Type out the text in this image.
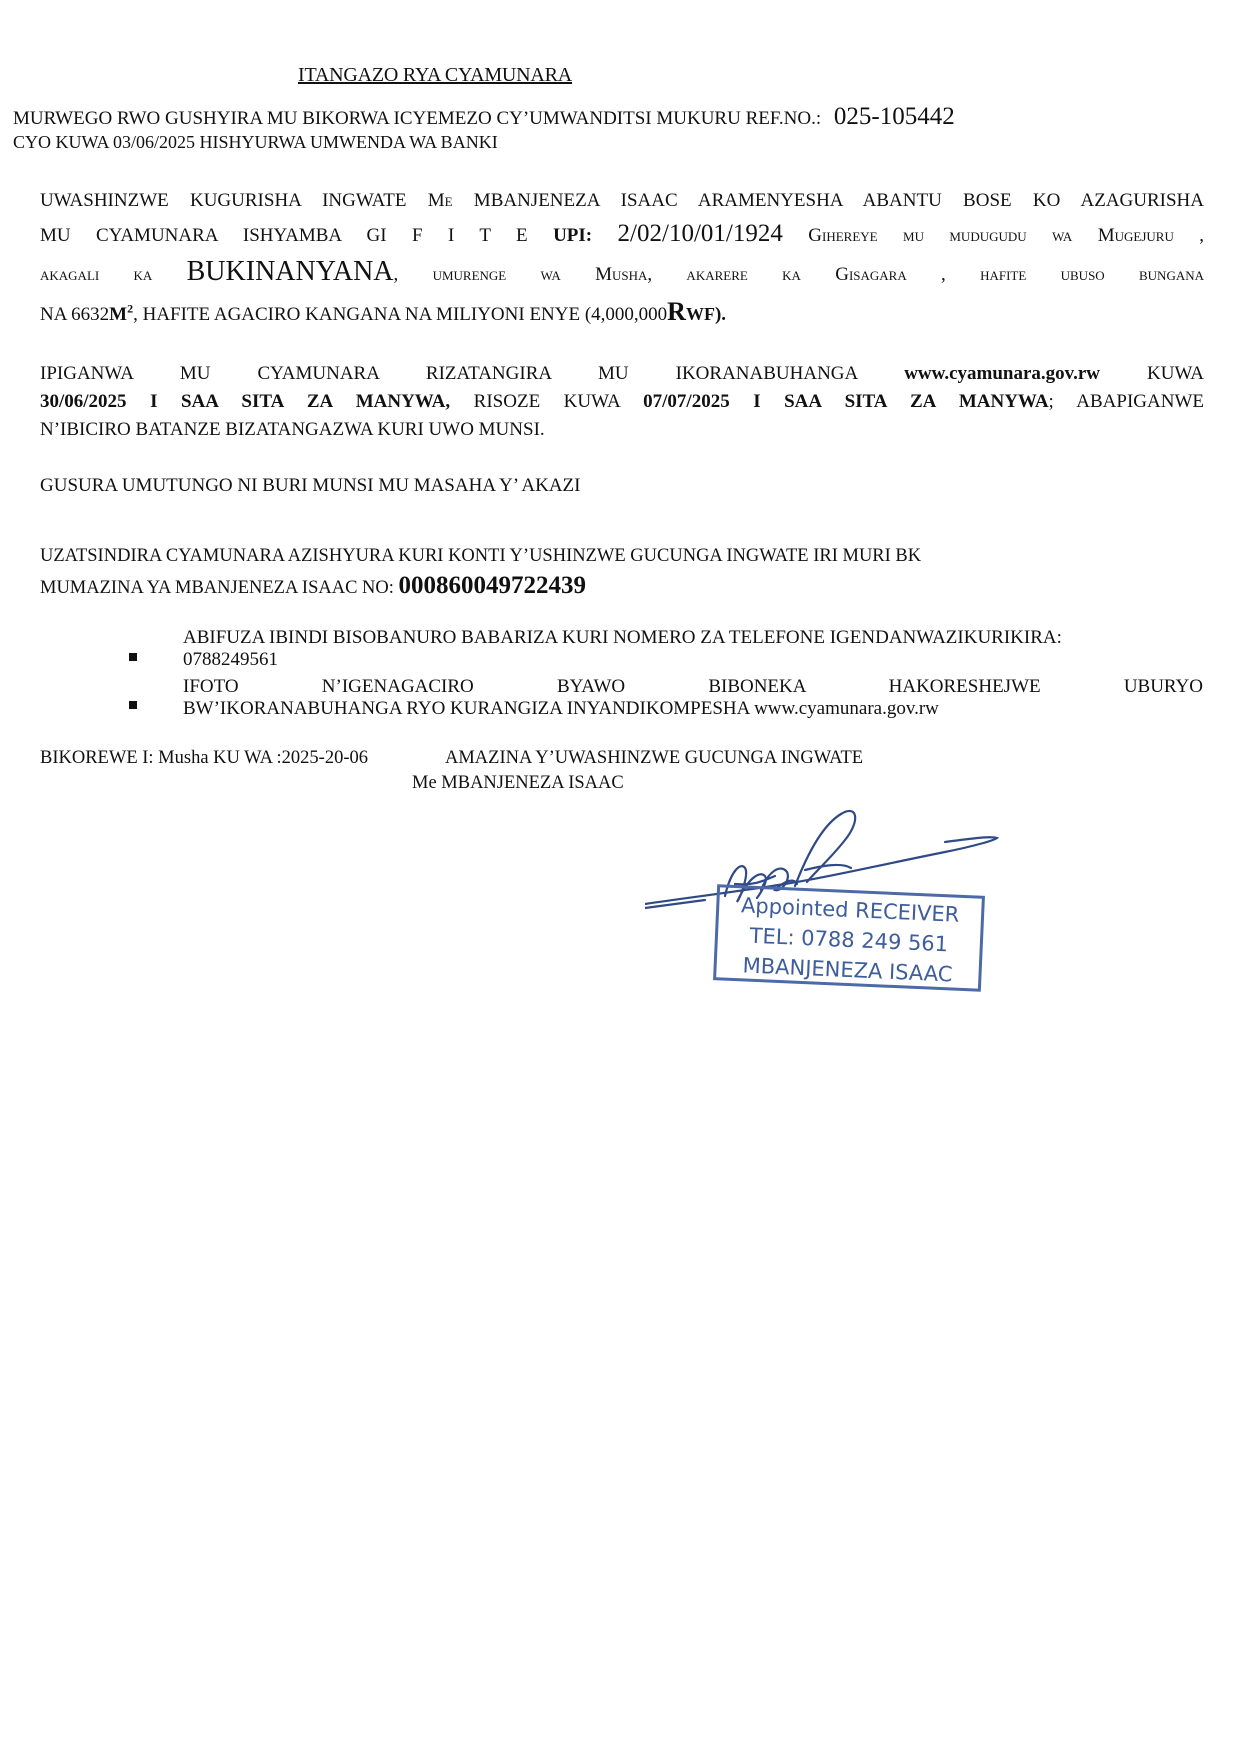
ITANGAZO RYA CYAMUNARA
MURWEGO RWO GUSHYIRA MU BIKORWA ICYEMEZO CY’UMWANDITSI MUKURU REF.NO.: 025-105442
CYO KUWA 03/06/2025 HISHYURWA UMWENDA WA BANKI
UWASHINZWE KUGURISHA INGWATE Me MBANJENEZA ISAAC ARAMENYESHA ABANTU BOSE KO AZAGURISHA
MU CYAMUNARA ISHYAMBA GI F I T E UPI: 2/02/10/01/1924 Gihereye mu mudugudu wa Mugejuru ,
akagali ka BUKINANYANA, umurenge wa Musha, akarere ka Gisagara , hafite ubuso bungana
NA $6632M^2$, HAFITE AGACIRO KANGANA NA MILIYONI ENYE (4,000,000Rwf).
IPIGANWA MU CYAMUNARA RIZATANGIRA MU IKORANABUHANGA www.cyamunara.gov.rw KUWA
30/06/2025 I SAA SITA ZA MANYWA, RISOZE KUWA 07/07/2025 I SAA SITA ZA MANYWA; ABAPIGANWE
N’IBICIRO BATANZE BIZATANGAZWA KURI UWO MUNSI.
GUSURA UMUTUNGO NI BURI MUNSI MU MASAHA Y’ AKAZI
UZATSINDIRA CYAMUNARA AZISHYURA KURI KONTI Y’USHINZWE GUCUNGA INGWATE IRI MURI BK
MUMAZINA YA MBANJENEZA ISAAC NO: 000860049722439
ABIFUZA IBINDI BISOBANURO BABARIZA KURI NOMERO ZA TELEFONE IGENDANWAZIKURIKIRA:
0788249561
IFOTO N’IGENAGACIRO BYAWO BIBONEKA HAKORESHEJWE UBURYO
BW’IKORANABUHANGA RYO KURANGIZA INYANDIKOMPESHA www.cyamunara.gov.rw
BIKOREWE I: Musha KU WA :2025-20-06	AMAZINA Y’UWASHINZWE GUCUNGA INGWATE
Me MBANJENEZA ISAAC
Appointed RECEIVER
TEL: 0788 249 561
MBANJENEZA ISAAC
